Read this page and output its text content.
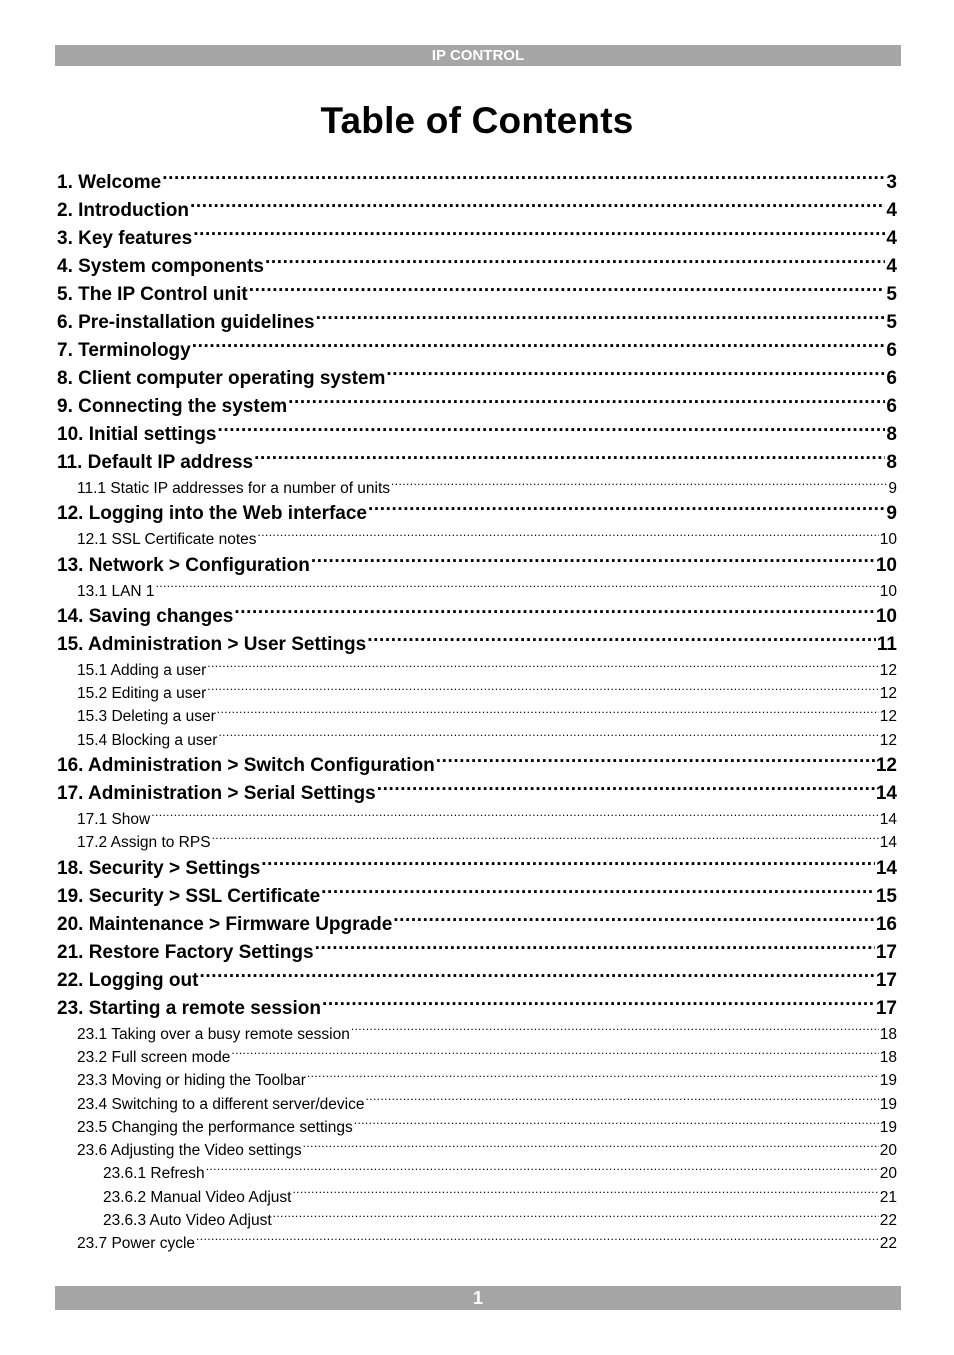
IP CONTROL
Table of Contents
1. Welcome .....	3
2. Introduction .....	4
3. Key features .....	4
4. System components .....	4
5. The IP Control unit .....	5
6. Pre-installation guidelines .....	5
7. Terminology .....	6
8. Client computer operating system .....	6
9. Connecting the system .....	6
10. Initial settings .....	8
11. Default IP address .....	8
11.1 Static IP addresses for a number of units .....	9
12. Logging into the Web interface .....	9
12.1 SSL Certificate notes .....	10
13. Network > Configuration .....	10
13.1 LAN 1 .....	10
14. Saving changes .....	10
15. Administration > User Settings .....	11
15.1 Adding a user .....	12
15.2 Editing a user .....	12
15.3 Deleting a user .....	12
15.4 Blocking a user .....	12
16. Administration > Switch Configuration .....	12
17. Administration > Serial Settings .....	14
17.1 Show .....	14
17.2 Assign to RPS .....	14
18. Security > Settings .....	14
19. Security > SSL Certificate .....	15
20. Maintenance > Firmware Upgrade .....	16
21. Restore Factory Settings .....	17
22. Logging out .....	17
23. Starting a remote session .....	17
23.1 Taking over a busy remote session .....	18
23.2 Full screen mode .....	18
23.3 Moving or hiding the Toolbar .....	19
23.4 Switching to a different server/device .....	19
23.5 Changing the performance settings .....	19
23.6 Adjusting the Video settings .....	20
23.6.1 Refresh .....	20
23.6.2 Manual Video Adjust .....	21
23.6.3 Auto Video Adjust .....	22
23.7 Power cycle .....	22
1
